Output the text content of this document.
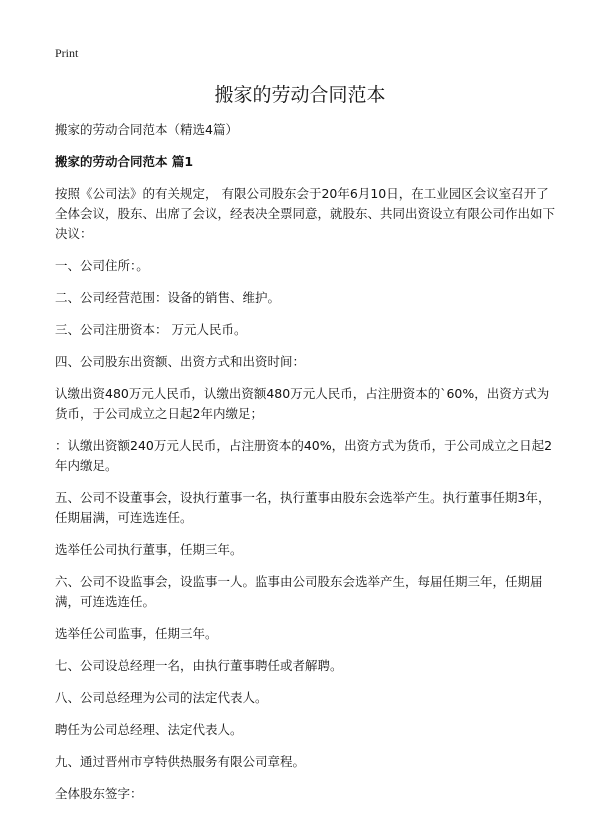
Print
搬家的劳动合同范本

搬家的劳动合同范本（精选4篇）

搬家的劳动合同范本 篇1

按照《公司法》的有关规定， 有限公司股东会于20年6月10日，在工业园区会议室召开了全体会议，股东、出席了会议，经表决全票同意，就股东、共同出资设立有限公司作出如下决议：

一、公司住所：。

二、公司经营范围：设备的销售、维护。

三、公司注册资本： 万元人民币。

四、公司股东出资额、出资方式和出资时间：

认缴出资480万元人民币，认缴出资额480万元人民币，占注册资本的`60%，出资方式为货币，于公司成立之日起2年内缴足；

：认缴出资额240万元人民币，占注册资本的40%，出资方式为货币，于公司成立之日起2年内缴足。

五、公司不设董事会，设执行董事一名，执行董事由股东会选举产生。执行董事任期3年，任期届满，可连选连任。

选举任公司执行董事，任期三年。

六、公司不设监事会，设监事一人。监事由公司股东会选举产生，每届任期三年，任期届满，可连选连任。

选举任公司监事，任期三年。

七、公司设总经理一名，由执行董事聘任或者解聘。

八、公司总经理为公司的法定代表人。

聘任为公司总经理、法定代表人。

九、通过晋州市亨特供热服务有限公司章程。

全体股东签字：
